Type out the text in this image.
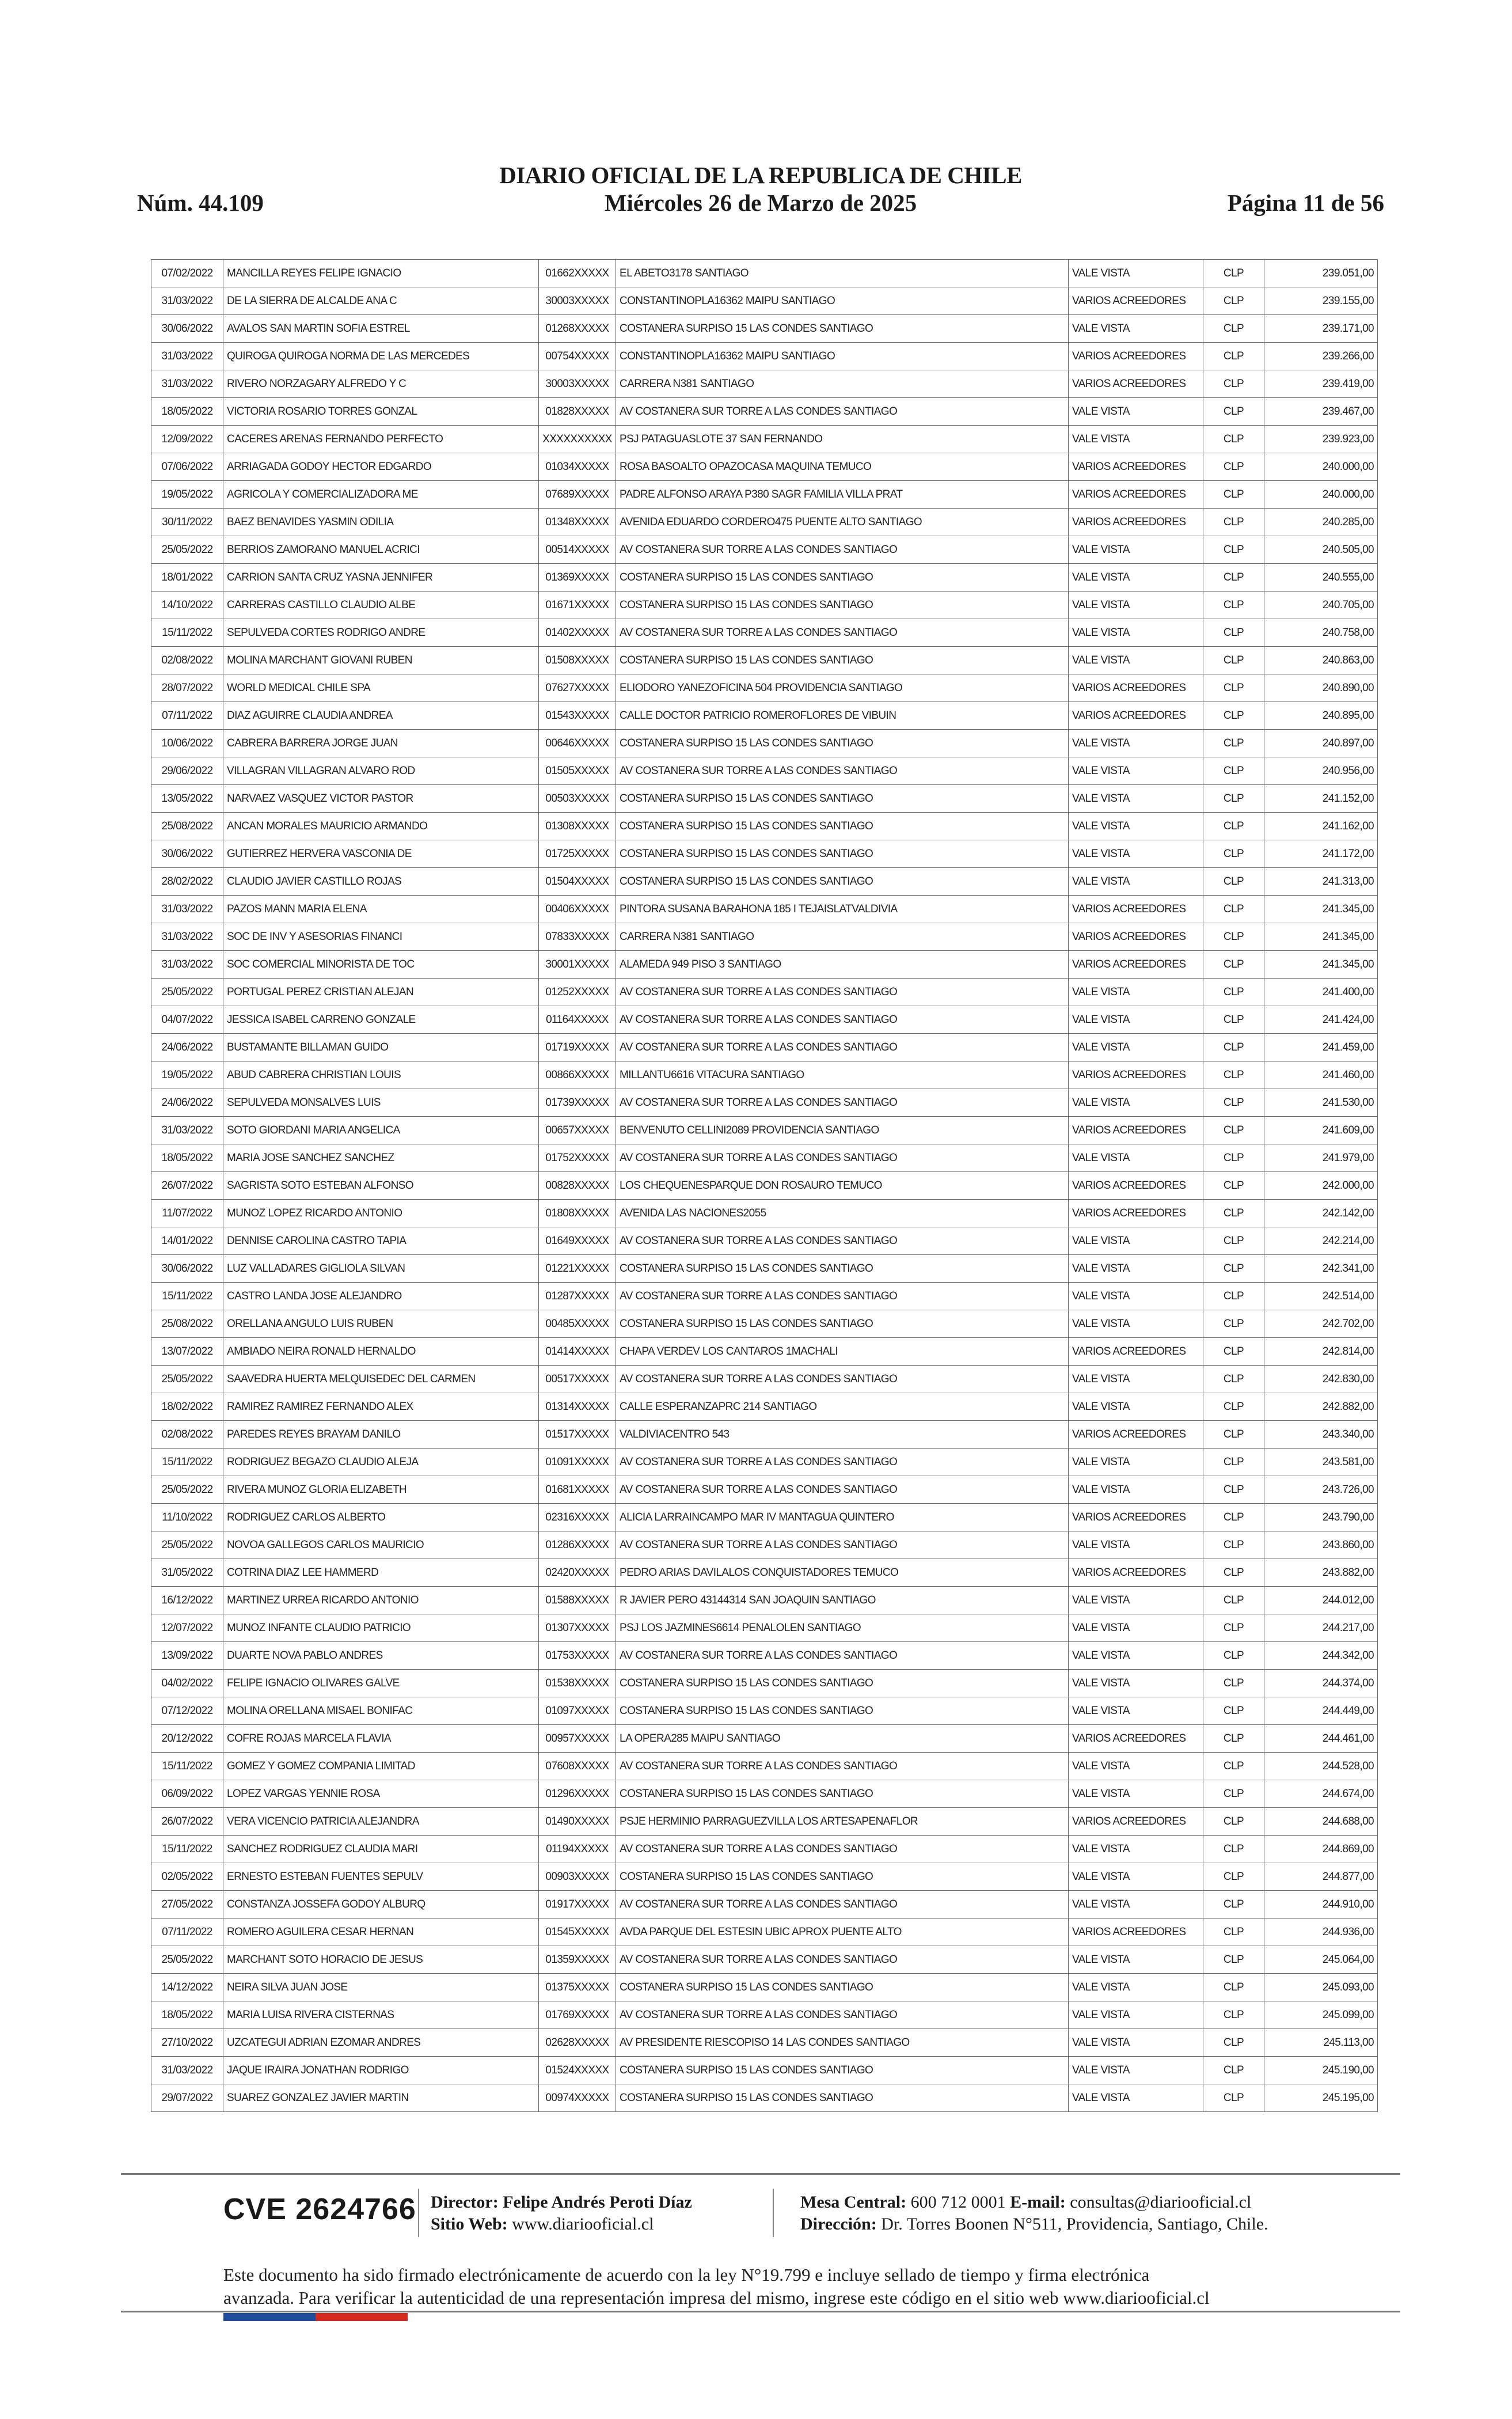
DIARIO OFICIAL DE LA REPUBLICA DE CHILE
Núm. 44.109	Miércoles 26 de Marzo de 2025	Página 11 de 56
07/02/2022	MANCILLA REYES FELIPE IGNACIO	01662XXXXX	EL ABETO3178 SANTIAGO	VALE VISTA	CLP	239.051,00
31/03/2022	DE LA SIERRA DE ALCALDE ANA C	30003XXXXX	CONSTANTINOPLA16362 MAIPU SANTIAGO	VARIOS ACREEDORES	CLP	239.155,00
30/06/2022	AVALOS SAN MARTIN SOFIA ESTREL	01268XXXXX	COSTANERA SURPISO 15 LAS CONDES SANTIAGO	VALE VISTA	CLP	239.171,00
31/03/2022	QUIROGA QUIROGA NORMA DE LAS MERCEDES	00754XXXXX	CONSTANTINOPLA16362 MAIPU SANTIAGO	VARIOS ACREEDORES	CLP	239.266,00
31/03/2022	RIVERO NORZAGARY ALFREDO Y C	30003XXXXX	CARRERA N381 SANTIAGO	VARIOS ACREEDORES	CLP	239.419,00
18/05/2022	VICTORIA ROSARIO TORRES GONZAL	01828XXXXX	AV COSTANERA SUR TORRE A LAS CONDES SANTIAGO	VALE VISTA	CLP	239.467,00
12/09/2022	CACERES ARENAS FERNANDO PERFECTO	XXXXXXXXXX	PSJ PATAGUASLOTE 37 SAN FERNANDO	VALE VISTA	CLP	239.923,00
07/06/2022	ARRIAGADA GODOY HECTOR EDGARDO	01034XXXXX	ROSA BASOALTO OPAZOCASA MAQUINA TEMUCO	VARIOS ACREEDORES	CLP	240.000,00
19/05/2022	AGRICOLA Y COMERCIALIZADORA ME	07689XXXXX	PADRE ALFONSO ARAYA P380 SAGR FAMILIA VILLA PRAT	VARIOS ACREEDORES	CLP	240.000,00
30/11/2022	BAEZ BENAVIDES YASMIN ODILIA	01348XXXXX	AVENIDA EDUARDO CORDERO475 PUENTE ALTO SANTIAGO	VARIOS ACREEDORES	CLP	240.285,00
25/05/2022	BERRIOS ZAMORANO MANUEL ACRICI	00514XXXXX	AV COSTANERA SUR TORRE A LAS CONDES SANTIAGO	VALE VISTA	CLP	240.505,00
18/01/2022	CARRION SANTA CRUZ YASNA JENNIFER	01369XXXXX	COSTANERA SURPISO 15 LAS CONDES SANTIAGO	VALE VISTA	CLP	240.555,00
14/10/2022	CARRERAS CASTILLO CLAUDIO ALBE	01671XXXXX	COSTANERA SURPISO 15 LAS CONDES SANTIAGO	VALE VISTA	CLP	240.705,00
15/11/2022	SEPULVEDA CORTES RODRIGO ANDRE	01402XXXXX	AV COSTANERA SUR TORRE A LAS CONDES SANTIAGO	VALE VISTA	CLP	240.758,00
02/08/2022	MOLINA MARCHANT GIOVANI RUBEN	01508XXXXX	COSTANERA SURPISO 15 LAS CONDES SANTIAGO	VALE VISTA	CLP	240.863,00
28/07/2022	WORLD MEDICAL CHILE SPA	07627XXXXX	ELIODORO YANEZOFICINA 504 PROVIDENCIA SANTIAGO	VARIOS ACREEDORES	CLP	240.890,00
07/11/2022	DIAZ AGUIRRE CLAUDIA ANDREA	01543XXXXX	CALLE DOCTOR PATRICIO ROMEROFLORES DE VIBUIN	VARIOS ACREEDORES	CLP	240.895,00
10/06/2022	CABRERA BARRERA JORGE JUAN	00646XXXXX	COSTANERA SURPISO 15 LAS CONDES SANTIAGO	VALE VISTA	CLP	240.897,00
29/06/2022	VILLAGRAN VILLAGRAN ALVARO ROD	01505XXXXX	AV COSTANERA SUR TORRE A LAS CONDES SANTIAGO	VALE VISTA	CLP	240.956,00
13/05/2022	NARVAEZ VASQUEZ VICTOR PASTOR	00503XXXXX	COSTANERA SURPISO 15 LAS CONDES SANTIAGO	VALE VISTA	CLP	241.152,00
25/08/2022	ANCAN MORALES MAURICIO ARMANDO	01308XXXXX	COSTANERA SURPISO 15 LAS CONDES SANTIAGO	VALE VISTA	CLP	241.162,00
30/06/2022	GUTIERREZ HERVERA VASCONIA DE	01725XXXXX	COSTANERA SURPISO 15 LAS CONDES SANTIAGO	VALE VISTA	CLP	241.172,00
28/02/2022	CLAUDIO JAVIER CASTILLO ROJAS	01504XXXXX	COSTANERA SURPISO 15 LAS CONDES SANTIAGO	VALE VISTA	CLP	241.313,00
31/03/2022	PAZOS MANN MARIA ELENA	00406XXXXX	PINTORA SUSANA BARAHONA 185 I TEJAISLATVALDIVIA	VARIOS ACREEDORES	CLP	241.345,00
31/03/2022	SOC DE INV Y ASESORIAS FINANCI	07833XXXXX	CARRERA N381 SANTIAGO	VARIOS ACREEDORES	CLP	241.345,00
31/03/2022	SOC COMERCIAL MINORISTA DE TOC	30001XXXXX	ALAMEDA 949 PISO 3 SANTIAGO	VARIOS ACREEDORES	CLP	241.345,00
25/05/2022	PORTUGAL PEREZ CRISTIAN ALEJAN	01252XXXXX	AV COSTANERA SUR TORRE A LAS CONDES SANTIAGO	VALE VISTA	CLP	241.400,00
04/07/2022	JESSICA ISABEL CARRENO GONZALE	01164XXXXX	AV COSTANERA SUR TORRE A LAS CONDES SANTIAGO	VALE VISTA	CLP	241.424,00
24/06/2022	BUSTAMANTE BILLAMAN GUIDO	01719XXXXX	AV COSTANERA SUR TORRE A LAS CONDES SANTIAGO	VALE VISTA	CLP	241.459,00
19/05/2022	ABUD CABRERA CHRISTIAN LOUIS	00866XXXXX	MILLANTU6616 VITACURA SANTIAGO	VARIOS ACREEDORES	CLP	241.460,00
24/06/2022	SEPULVEDA MONSALVES LUIS	01739XXXXX	AV COSTANERA SUR TORRE A LAS CONDES SANTIAGO	VALE VISTA	CLP	241.530,00
31/03/2022	SOTO GIORDANI MARIA ANGELICA	00657XXXXX	BENVENUTO CELLINI2089 PROVIDENCIA SANTIAGO	VARIOS ACREEDORES	CLP	241.609,00
18/05/2022	MARIA JOSE SANCHEZ SANCHEZ	01752XXXXX	AV COSTANERA SUR TORRE A LAS CONDES SANTIAGO	VALE VISTA	CLP	241.979,00
26/07/2022	SAGRISTA SOTO ESTEBAN ALFONSO	00828XXXXX	LOS CHEQUENESPARQUE DON ROSAURO TEMUCO	VARIOS ACREEDORES	CLP	242.000,00
11/07/2022	MUNOZ LOPEZ RICARDO ANTONIO	01808XXXXX	AVENIDA LAS NACIONES2055	VARIOS ACREEDORES	CLP	242.142,00
14/01/2022	DENNISE CAROLINA CASTRO TAPIA	01649XXXXX	AV COSTANERA SUR TORRE A LAS CONDES SANTIAGO	VALE VISTA	CLP	242.214,00
30/06/2022	LUZ VALLADARES GIGLIOLA SILVAN	01221XXXXX	COSTANERA SURPISO 15 LAS CONDES SANTIAGO	VALE VISTA	CLP	242.341,00
15/11/2022	CASTRO LANDA JOSE ALEJANDRO	01287XXXXX	AV COSTANERA SUR TORRE A LAS CONDES SANTIAGO	VALE VISTA	CLP	242.514,00
25/08/2022	ORELLANA ANGULO LUIS RUBEN	00485XXXXX	COSTANERA SURPISO 15 LAS CONDES SANTIAGO	VALE VISTA	CLP	242.702,00
13/07/2022	AMBIADO NEIRA RONALD HERNALDO	01414XXXXX	CHAPA VERDEV LOS CANTAROS 1MACHALI	VARIOS ACREEDORES	CLP	242.814,00
25/05/2022	SAAVEDRA HUERTA MELQUISEDEC DEL CARMEN	00517XXXXX	AV COSTANERA SUR TORRE A LAS CONDES SANTIAGO	VALE VISTA	CLP	242.830,00
18/02/2022	RAMIREZ RAMIREZ FERNANDO ALEX	01314XXXXX	CALLE ESPERANZAPRC 214 SANTIAGO	VALE VISTA	CLP	242.882,00
02/08/2022	PAREDES REYES BRAYAM DANILO	01517XXXXX	VALDIVIACENTRO 543	VARIOS ACREEDORES	CLP	243.340,00
15/11/2022	RODRIGUEZ BEGAZO CLAUDIO ALEJA	01091XXXXX	AV COSTANERA SUR TORRE A LAS CONDES SANTIAGO	VALE VISTA	CLP	243.581,00
25/05/2022	RIVERA MUNOZ GLORIA ELIZABETH	01681XXXXX	AV COSTANERA SUR TORRE A LAS CONDES SANTIAGO	VALE VISTA	CLP	243.726,00
11/10/2022	RODRIGUEZ CARLOS ALBERTO	02316XXXXX	ALICIA LARRAINCAMPO MAR IV MANTAGUA QUINTERO	VARIOS ACREEDORES	CLP	243.790,00
25/05/2022	NOVOA GALLEGOS CARLOS MAURICIO	01286XXXXX	AV COSTANERA SUR TORRE A LAS CONDES SANTIAGO	VALE VISTA	CLP	243.860,00
31/05/2022	COTRINA DIAZ LEE HAMMERD	02420XXXXX	PEDRO ARIAS DAVILALOS CONQUISTADORES TEMUCO	VARIOS ACREEDORES	CLP	243.882,00
16/12/2022	MARTINEZ URREA RICARDO ANTONIO	01588XXXXX	R JAVIER PERO 43144314 SAN JOAQUIN SANTIAGO	VALE VISTA	CLP	244.012,00
12/07/2022	MUNOZ INFANTE CLAUDIO PATRICIO	01307XXXXX	PSJ LOS JAZMINES6614 PENALOLEN SANTIAGO	VALE VISTA	CLP	244.217,00
13/09/2022	DUARTE NOVA PABLO ANDRES	01753XXXXX	AV COSTANERA SUR TORRE A LAS CONDES SANTIAGO	VALE VISTA	CLP	244.342,00
04/02/2022	FELIPE IGNACIO OLIVARES GALVE	01538XXXXX	COSTANERA SURPISO 15 LAS CONDES SANTIAGO	VALE VISTA	CLP	244.374,00
07/12/2022	MOLINA ORELLANA MISAEL BONIFAC	01097XXXXX	COSTANERA SURPISO 15 LAS CONDES SANTIAGO	VALE VISTA	CLP	244.449,00
20/12/2022	COFRE ROJAS MARCELA FLAVIA	00957XXXXX	LA OPERA285 MAIPU SANTIAGO	VARIOS ACREEDORES	CLP	244.461,00
15/11/2022	GOMEZ Y GOMEZ COMPANIA LIMITAD	07608XXXXX	AV COSTANERA SUR TORRE A LAS CONDES SANTIAGO	VALE VISTA	CLP	244.528,00
06/09/2022	LOPEZ VARGAS YENNIE ROSA	01296XXXXX	COSTANERA SURPISO 15 LAS CONDES SANTIAGO	VALE VISTA	CLP	244.674,00
26/07/2022	VERA VICENCIO PATRICIA ALEJANDRA	01490XXXXX	PSJE HERMINIO PARRAGUEZVILLA LOS ARTESAPENAFLOR	VARIOS ACREEDORES	CLP	244.688,00
15/11/2022	SANCHEZ RODRIGUEZ CLAUDIA MARI	01194XXXXX	AV COSTANERA SUR TORRE A LAS CONDES SANTIAGO	VALE VISTA	CLP	244.869,00
02/05/2022	ERNESTO ESTEBAN FUENTES SEPULV	00903XXXXX	COSTANERA SURPISO 15 LAS CONDES SANTIAGO	VALE VISTA	CLP	244.877,00
27/05/2022	CONSTANZA JOSSEFA GODOY ALBURQ	01917XXXXX	AV COSTANERA SUR TORRE A LAS CONDES SANTIAGO	VALE VISTA	CLP	244.910,00
07/11/2022	ROMERO AGUILERA CESAR HERNAN	01545XXXXX	AVDA PARQUE DEL ESTESIN UBIC APROX PUENTE ALTO	VARIOS ACREEDORES	CLP	244.936,00
25/05/2022	MARCHANT SOTO HORACIO DE JESUS	01359XXXXX	AV COSTANERA SUR TORRE A LAS CONDES SANTIAGO	VALE VISTA	CLP	245.064,00
14/12/2022	NEIRA SILVA JUAN JOSE	01375XXXXX	COSTANERA SURPISO 15 LAS CONDES SANTIAGO	VALE VISTA	CLP	245.093,00
18/05/2022	MARIA LUISA RIVERA CISTERNAS	01769XXXXX	AV COSTANERA SUR TORRE A LAS CONDES SANTIAGO	VALE VISTA	CLP	245.099,00
27/10/2022	UZCATEGUI ADRIAN EZOMAR ANDRES	02628XXXXX	AV PRESIDENTE RIESCOPISO 14 LAS CONDES SANTIAGO	VALE VISTA	CLP	245.113,00
31/03/2022	JAQUE IRAIRA JONATHAN RODRIGO	01524XXXXX	COSTANERA SURPISO 15 LAS CONDES SANTIAGO	VALE VISTA	CLP	245.190,00
29/07/2022	SUAREZ GONZALEZ JAVIER MARTIN	00974XXXXX	COSTANERA SURPISO 15 LAS CONDES SANTIAGO	VALE VISTA	CLP	245.195,00
CVE 2624766 Director: Felipe Andrés Peroti Díaz
Sitio Web: www.diariooficial.cl
Mesa Central: 600 712 0001 E-mail: consultas@diariooficial.cl
Dirección: Dr. Torres Boonen N°511, Providencia, Santiago, Chile.
Este documento ha sido firmado electrónicamente de acuerdo con la ley N°19.799 e incluye sellado de tiempo y firma electrónica
avanzada. Para verificar la autenticidad de una representación impresa del mismo, ingrese este código en el sitio web www.diariooficial.cl
